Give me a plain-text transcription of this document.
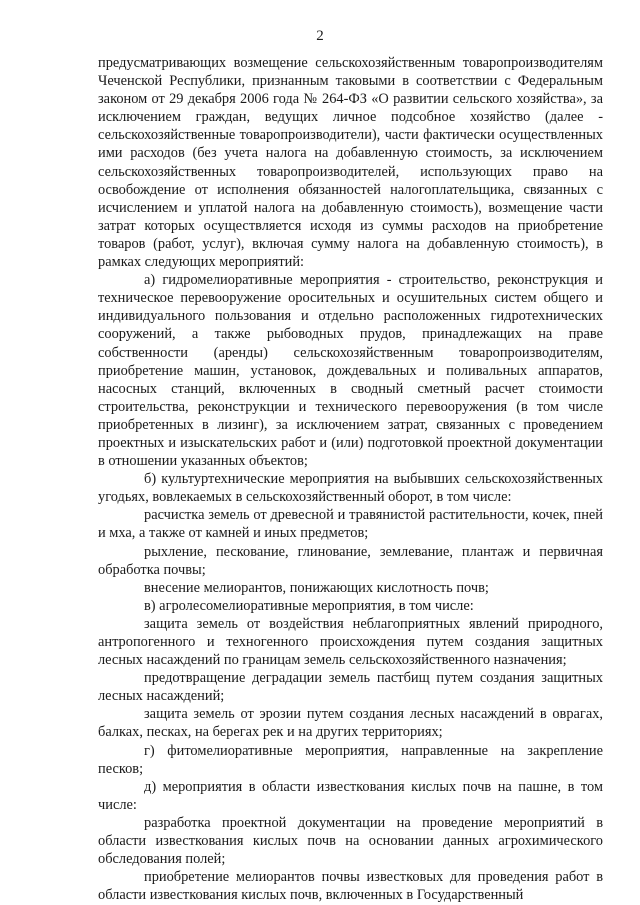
2

предусматривающих возмещение сельскохозяйственным товаропроизводителям Чеченской Республики, признанным таковыми в соответствии с Федеральным законом от 29 декабря 2006 года № 264-ФЗ «О развитии сельского хозяйства», за исключением граждан, ведущих личное подсобное хозяйство (далее - сельскохозяйственные товаропроизводители), части фактически осуществленных ими расходов (без учета налога на добавленную стоимость, за исключением сельскохозяйственных товаропроизводителей, использующих право на освобождение от исполнения обязанностей налогоплательщика, связанных с исчислением и уплатой налога на добавленную стоимость), возмещение части затрат которых осуществляется исходя из суммы расходов на приобретение товаров (работ, услуг), включая сумму налога на добавленную стоимость), в рамках следующих мероприятий:

а) гидромелиоративные мероприятия - строительство, реконструкция и техническое перевооружение оросительных и осушительных систем общего и индивидуального пользования и отдельно расположенных гидротехнических сооружений, а также рыбоводных прудов, принадлежащих на праве собственности (аренды) сельскохозяйственным товаропроизводителям, приобретение машин, установок, дождевальных и поливальных аппаратов, насосных станций, включенных в сводный сметный расчет стоимости строительства, реконструкции и технического перевооружения (в том числе приобретенных в лизинг), за исключением затрат, связанных с проведением проектных и изыскательских работ и (или) подготовкой проектной документации в отношении указанных объектов;

б) культуртехнические мероприятия на выбывших сельскохозяйственных угодьях, вовлекаемых в сельскохозяйственный оборот, в том числе:

расчистка земель от древесной и травянистой растительности, кочек, пней и мха, а также от камней и иных предметов;

рыхление, пескование, глинование, землевание, плантаж и первичная обработка почвы;

внесение мелиорантов, понижающих кислотность почв;

в) агролесомелиоративные мероприятия, в том числе:

защита земель от воздействия неблагоприятных явлений природного, антропогенного и техногенного происхождения путем создания защитных лесных насаждений по границам земель сельскохозяйственного назначения;

предотвращение деградации земель пастбищ путем создания защитных лесных насаждений;

защита земель от эрозии путем создания лесных насаждений в оврагах, балках, песках, на берегах рек и на других территориях;

г) фитомелиоративные мероприятия, направленные на закрепление песков;

д) мероприятия в области известкования кислых почв на пашне, в том числе:

разработка проектной документации на проведение мероприятий в области известкования кислых почв на основании данных агрохимического обследования полей;

приобретение мелиорантов почвы известковых для проведения работ в области известкования кислых почв, включенных в Государственный
